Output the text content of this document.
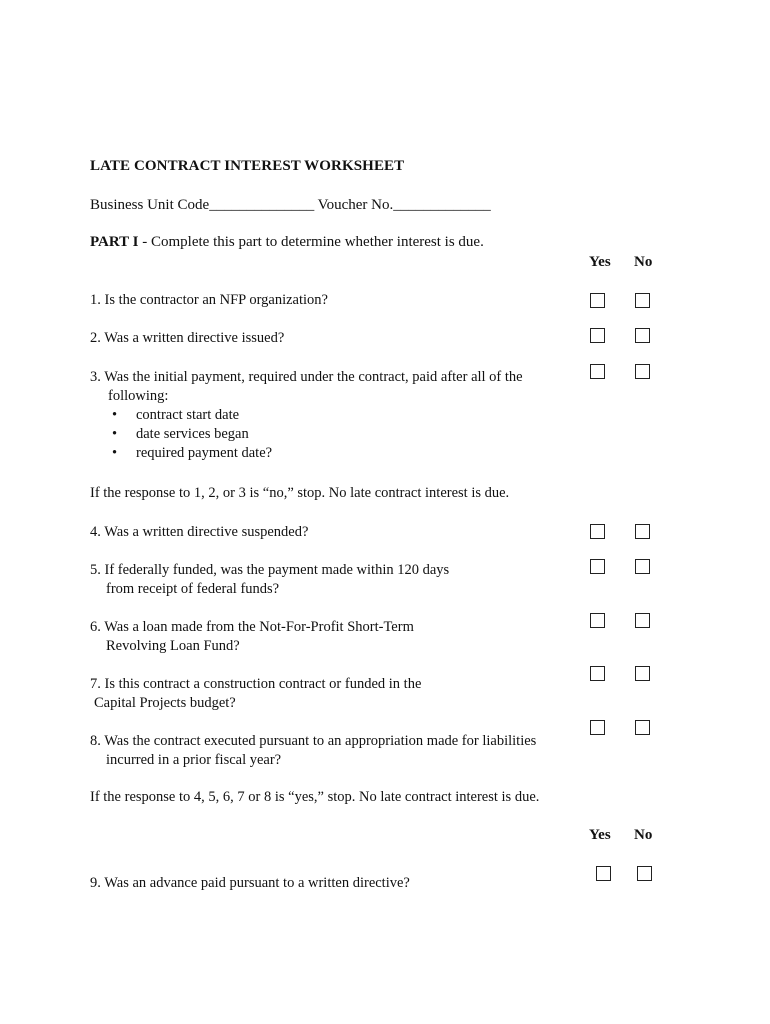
LATE CONTRACT INTEREST WORKSHEET
Business Unit Code______________ Voucher No._____________
PART I - Complete this part to determine whether interest is due.
Yes No
1. Is the contractor an NFP organization?
2. Was a written directive issued?
3. Was the initial payment, required under the contract, paid after all of the
following:
• contract start date
• date services began
• required payment date?
If the response to 1, 2, or 3 is “no,” stop. No late contract interest is due.
4. Was a written directive suspended?
5. If federally funded, was the payment made within 120 days
from receipt of federal funds?
6. Was a loan made from the Not-For-Profit Short-Term
Revolving Loan Fund?
7. Is this contract a construction contract or funded in the
Capital Projects budget?
8. Was the contract executed pursuant to an appropriation made for liabilities
incurred in a prior fiscal year?
If the response to 4, 5, 6, 7 or 8 is “yes,” stop. No late contract interest is due.
Yes No
9. Was an advance paid pursuant to a written directive?
